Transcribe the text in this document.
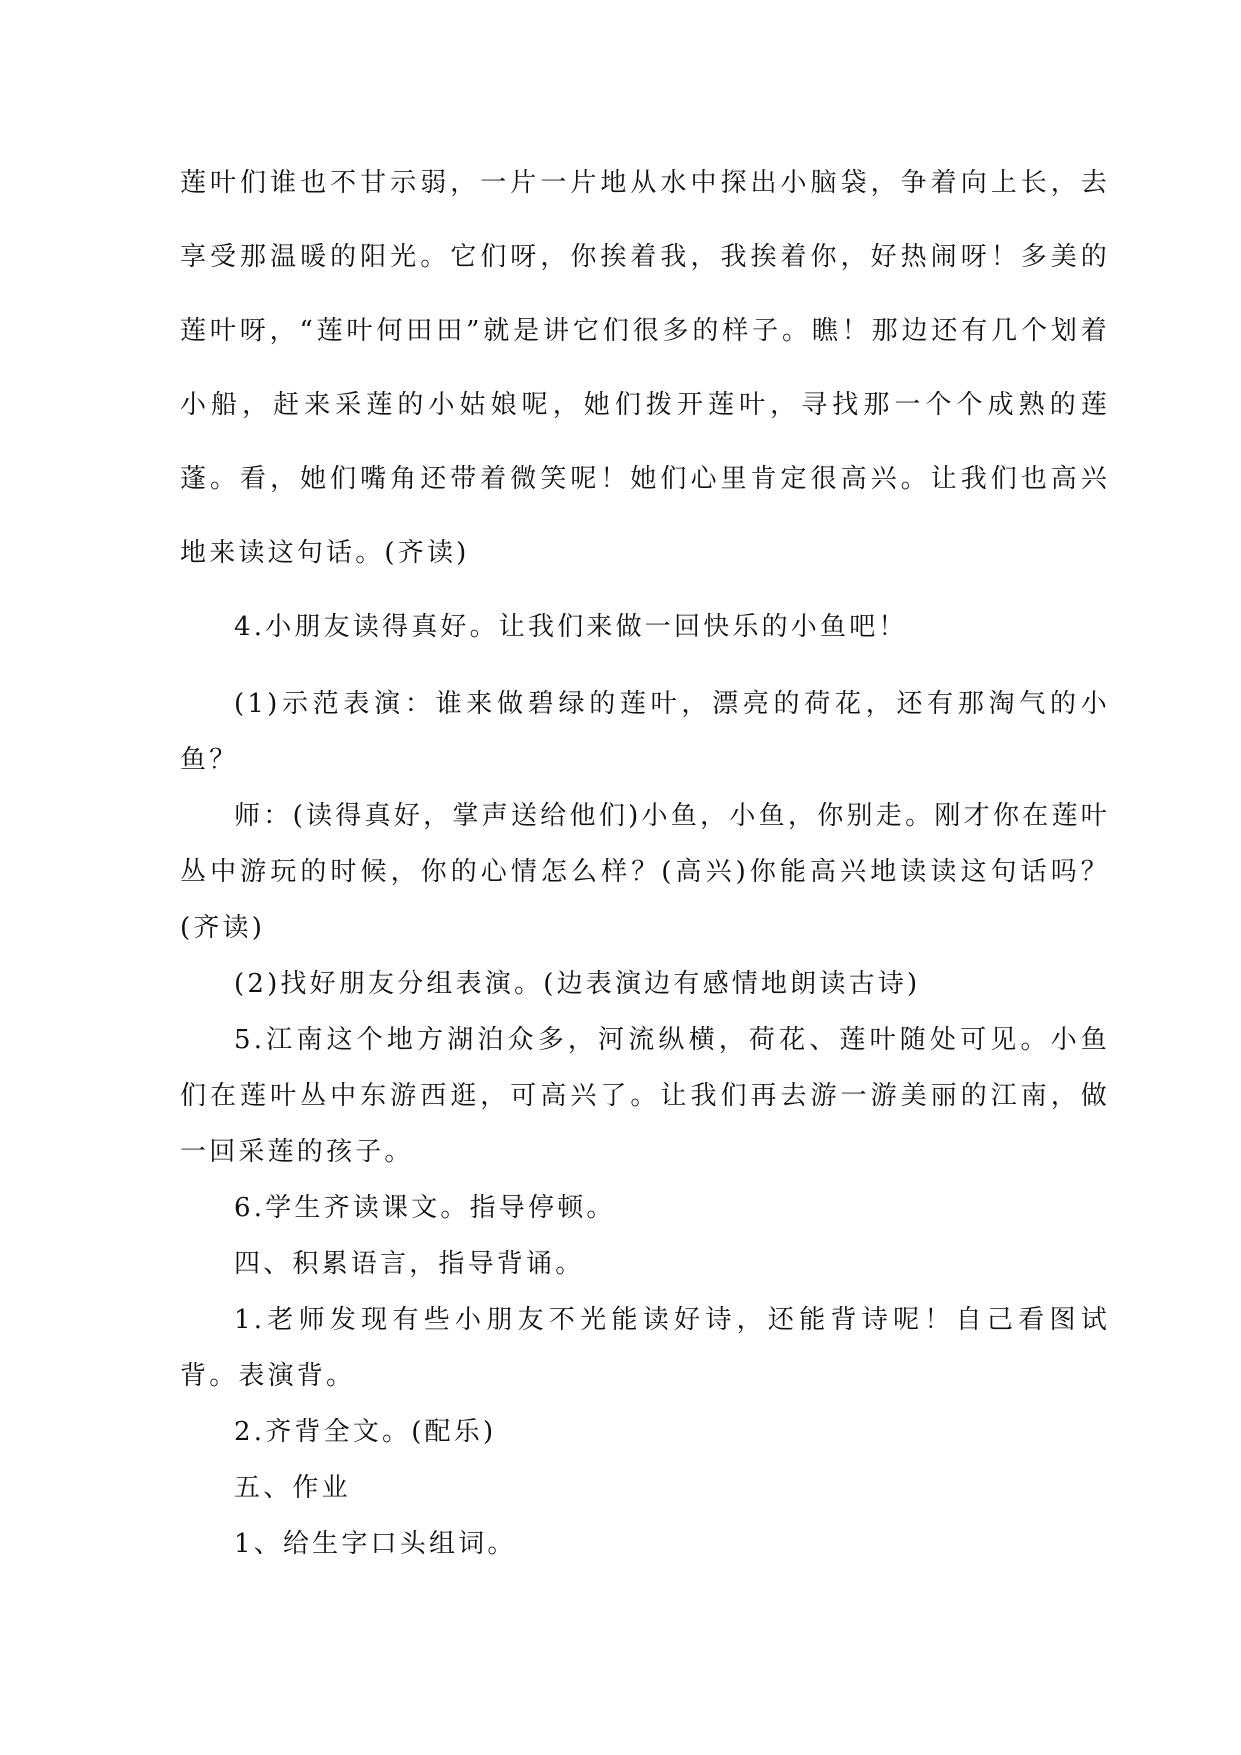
莲叶们谁也不甘示弱，一片一片地从水中探出小脑袋，争着向上长，去享受那温暖的阳光。它们呀，你挨着我，我挨着你，好热闹呀！多美的莲叶呀，“莲叶何田田”就是讲它们很多的样子。瞧！那边还有几个划着小船，赶来采莲的小姑娘呢，她们拨开莲叶，寻找那一个个成熟的莲蓬。看，她们嘴角还带着微笑呢！她们心里肯定很高兴。让我们也高兴地来读这句话。(齐读)

4.小朋友读得真好。让我们来做一回快乐的小鱼吧！

(1)示范表演：谁来做碧绿的莲叶，漂亮的荷花，还有那淘气的小鱼？

师：(读得真好，掌声送给他们)小鱼，小鱼，你别走。刚才你在莲叶丛中游玩的时候，你的心情怎么样？(高兴)你能高兴地读读这句话吗？(齐读)

(2)找好朋友分组表演。(边表演边有感情地朗读古诗)

5.江南这个地方湖泊众多，河流纵横，荷花、莲叶随处可见。小鱼们在莲叶丛中东游西逛，可高兴了。让我们再去游一游美丽的江南，做一回采莲的孩子。

6.学生齐读课文。指导停顿。

四、积累语言，指导背诵。

1.老师发现有些小朋友不光能读好诗，还能背诗呢！自己看图试背。表演背。

2.齐背全文。(配乐)

五、作业

1、给生字口头组词。
